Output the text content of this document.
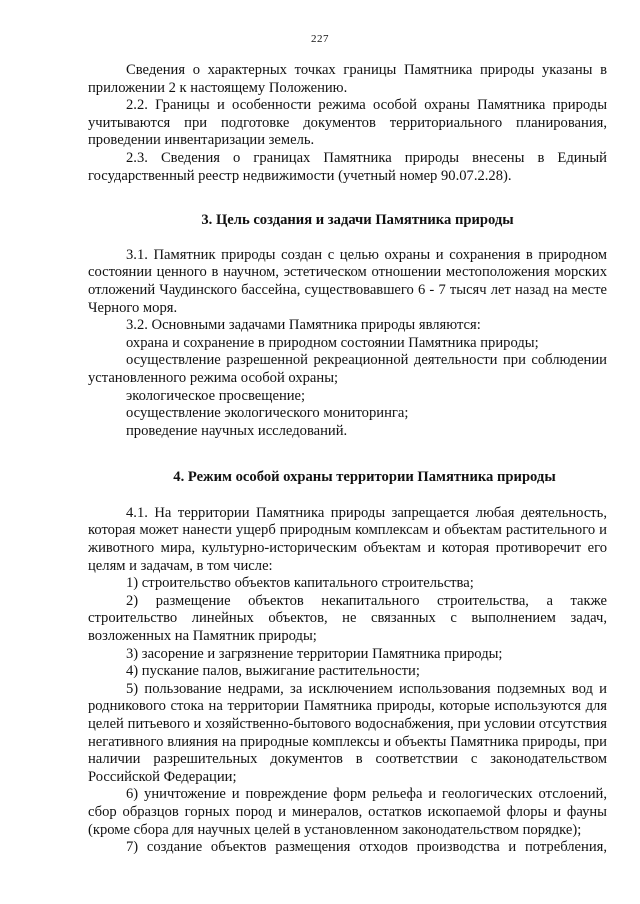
227

Сведения о характерных точках границы Памятника природы указаны в приложении 2 к настоящему Положению.

2.2. Границы и особенности режима особой охраны Памятника природы учитываются при подготовке документов территориального планирования, проведении инвентаризации земель.

2.3. Сведения о границах Памятника природы внесены в Единый государственный реестр недвижимости (учетный номер 90.07.2.28).

3. Цель создания и задачи Памятника природы

3.1. Памятник природы создан с целью охраны и сохранения в природном состоянии ценного в научном, эстетическом отношении местоположения морских отложений Чаудинского бассейна, существовавшего 6 - 7 тысяч лет назад на месте Черного моря.

3.2. Основными задачами Памятника природы являются:

охрана и сохранение в природном состоянии Памятника природы;

осуществление разрешенной рекреационной деятельности при соблюдении установленного режима особой охраны;

экологическое просвещение;

осуществление экологического мониторинга;

проведение научных исследований.

4. Режим особой охраны территории Памятника природы

4.1. На территории Памятника природы запрещается любая деятельность, которая может нанести ущерб природным комплексам и объектам растительного и животного мира, культурно-историческим объектам и которая противоречит его целям и задачам, в том числе:

1) строительство объектов капитального строительства;

2) размещение объектов некапитального строительства, а также строительство линейных объектов, не связанных с выполнением задач, возложенных на Памятник природы;

3) засорение и загрязнение территории Памятника природы;

4) пускание палов, выжигание растительности;

5) пользование недрами, за исключением использования подземных вод и родникового стока на территории Памятника природы, которые используются для целей питьевого и хозяйственно-бытового водоснабжения, при условии отсутствия негативного влияния на природные комплексы и объекты Памятника природы, при наличии разрешительных документов в соответствии с законодательством Российской Федерации;

6) уничтожение и повреждение форм рельефа и геологических отслоений, сбор образцов горных пород и минералов, остатков ископаемой флоры и фауны (кроме сбора для научных целей в установленном законодательством порядке);

7) создание объектов размещения отходов производства и потребления,
